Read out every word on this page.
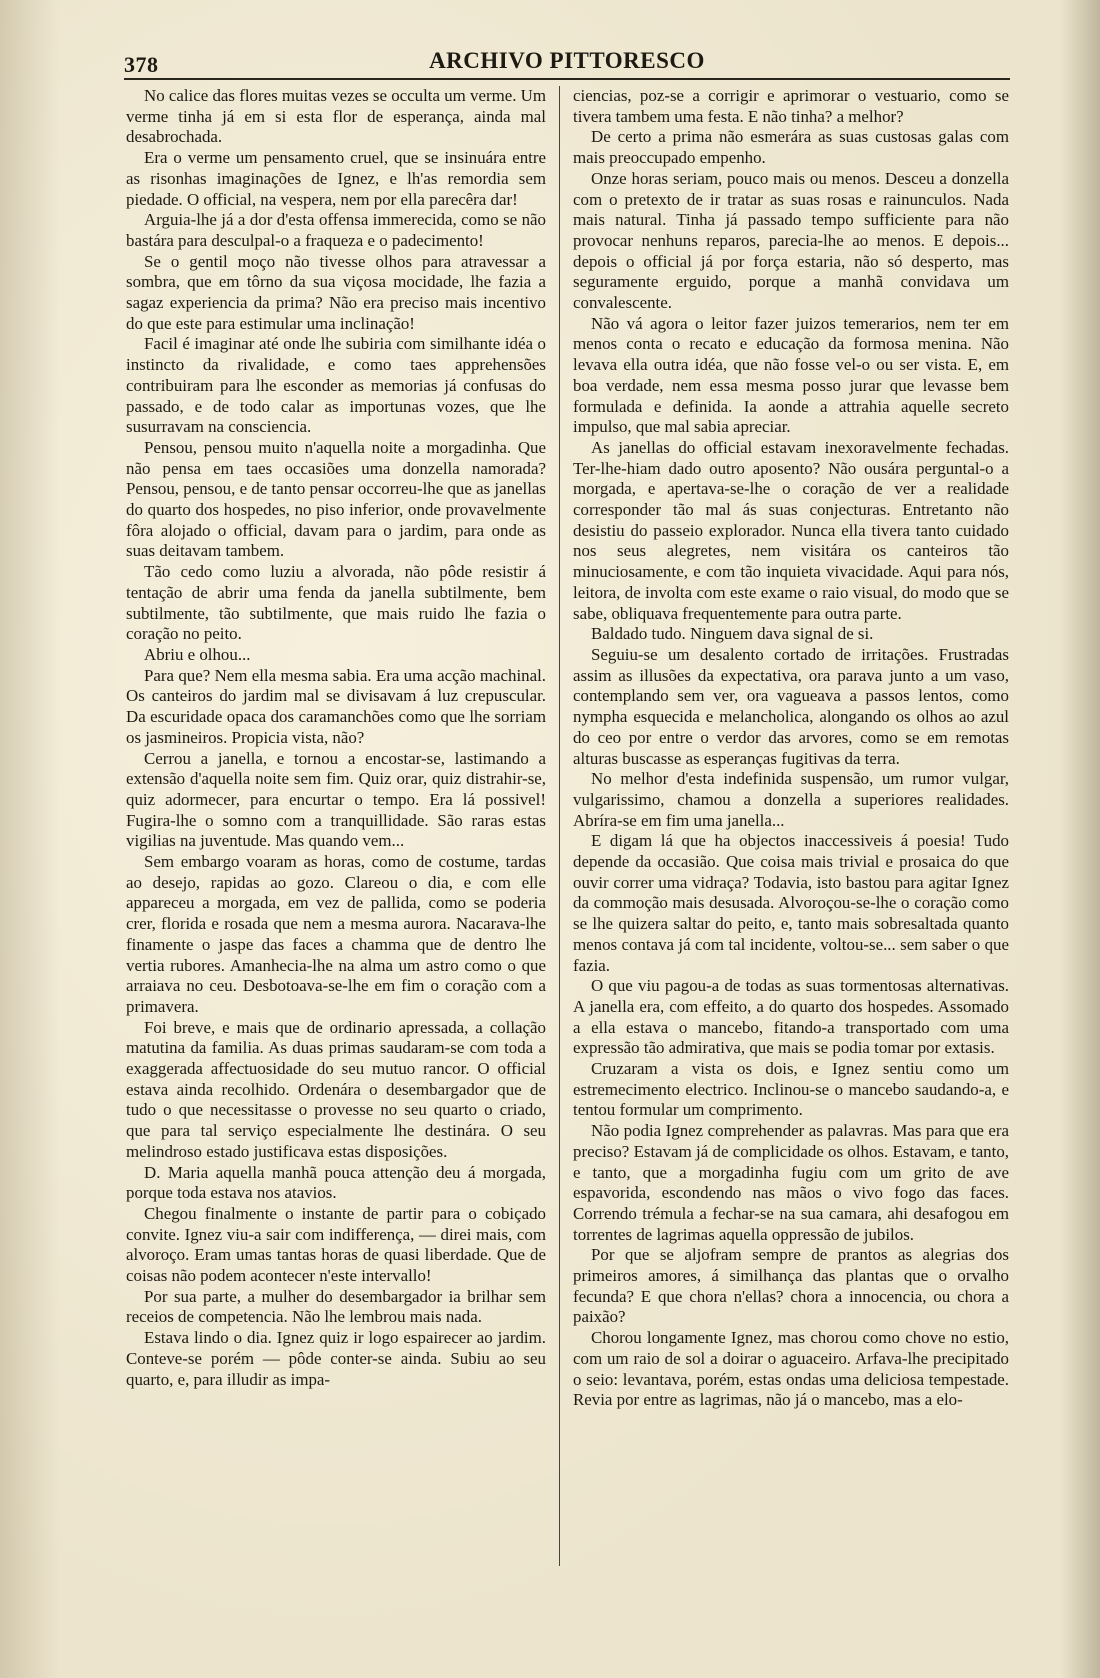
378	ARCHIVO PITTORESCO

No calice das flores muitas vezes se occulta um verme. Um verme tinha já em si esta flor de esperança, ainda mal desabrochada.

Era o verme um pensamento cruel, que se insinuára entre as risonhas imaginações de Ignez, e lh'as remordia sem piedade. O official, na vespera, nem por ella parecêra dar!

Arguia-lhe já a dor d'esta offensa immerecida, como se não bastára para desculpal-o a fraqueza e o padecimento!

Se o gentil moço não tivesse olhos para atravessar a sombra, que em tôrno da sua viçosa mocidade, lhe fazia a sagaz experiencia da prima? Não era preciso mais incentivo do que este para estimular uma inclinação!

Facil é imaginar até onde lhe subiria com similhante idéa o instincto da rivalidade, e como taes apprehensões contribuiram para lhe esconder as memorias já confusas do passado, e de todo calar as importunas vozes, que lhe susurravam na consciencia.

Pensou, pensou muito n'aquella noite a morgadinha. Que não pensa em taes occasiões uma donzella namorada? Pensou, pensou, e de tanto pensar occorreu-lhe que as janellas do quarto dos hospedes, no piso inferior, onde provavelmente fôra alojado o official, davam para o jardim, para onde as suas deitavam tambem.

Tão cedo como luziu a alvorada, não pôde resistir á tentação de abrir uma fenda da janella subtilmente, bem subtilmente, tão subtilmente, que mais ruido lhe fazia o coração no peito.

Abriu e olhou...

Para que? Nem ella mesma sabia. Era uma acção machinal. Os canteiros do jardim mal se divisavam á luz crepuscular. Da escuridade opaca dos caramanchões como que lhe sorriam os jasmineiros. Propicia vista, não?

Cerrou a janella, e tornou a encostar-se, lastimando a extensão d'aquella noite sem fim. Quiz orar, quiz distrahir-se, quiz adormecer, para encurtar o tempo. Era lá possivel! Fugira-lhe o somno com a tranquillidade. São raras estas vigilias na juventude. Mas quando vem...

Sem embargo voaram as horas, como de costume, tardas ao desejo, rapidas ao gozo. Clareou o dia, e com elle appareceu a morgada, em vez de pallida, como se poderia crer, florida e rosada que nem a mesma aurora. Nacarava-lhe finamente o jaspe das faces a chamma que de dentro lhe vertia rubores. Amanhecia-lhe na alma um astro como o que arraiava no ceu. Desbotoava-se-lhe em fim o coração com a primavera.

Foi breve, e mais que de ordinario apressada, a collação matutina da familia. As duas primas saudaram-se com toda a exaggerada affectuosidade do seu mutuo rancor. O official estava ainda recolhido. Ordenára o desembargador que de tudo o que necessitasse o provesse no seu quarto o criado, que para tal serviço especialmente lhe destinára. O seu melindroso estado justificava estas disposições.

D. Maria aquella manhã pouca attenção deu á morgada, porque toda estava nos atavios.

Chegou finalmente o instante de partir para o cobiçado convite. Ignez viu-a sair com indifferença, — direi mais, com alvoroço. Eram umas tantas horas de quasi liberdade. Que de coisas não podem acontecer n'este intervallo!

Por sua parte, a mulher do desembargador ia brilhar sem receios de competencia. Não lhe lembrou mais nada.

Estava lindo o dia. Ignez quiz ir logo espairecer ao jardim. Conteve-se porém — pôde conter-se ainda. Subiu ao seu quarto, e, para illudir as impa-

ciencias, poz-se a corrigir e aprimorar o vestuario, como se tivera tambem uma festa. E não tinha? a melhor?

De certo a prima não esmerára as suas custosas galas com mais preoccupado empenho.

Onze horas seriam, pouco mais ou menos. Desceu a donzella com o pretexto de ir tratar as suas rosas e rainunculos. Nada mais natural. Tinha já passado tempo sufficiente para não provocar nenhuns reparos, parecia-lhe ao menos. E depois... depois o official já por força estaria, não só desperto, mas seguramente erguido, porque a manhã convidava um convalescente.

Não vá agora o leitor fazer juizos temerarios, nem ter em menos conta o recato e educação da formosa menina. Não levava ella outra idéa, que não fosse vel-o ou ser vista. E, em boa verdade, nem essa mesma posso jurar que levasse bem formulada e definida. Ia aonde a attrahia aquelle secreto impulso, que mal sabia apreciar.

As janellas do official estavam inexoravelmente fechadas. Ter-lhe-hiam dado outro aposento? Não ousára perguntal-o a morgada, e apertava-se-lhe o coração de ver a realidade corresponder tão mal ás suas conjecturas. Entretanto não desistiu do passeio explorador. Nunca ella tivera tanto cuidado nos seus alegretes, nem visitára os canteiros tão minuciosamente, e com tão inquieta vivacidade. Aqui para nós, leitora, de involta com este exame o raio visual, do modo que se sabe, obliquava frequentemente para outra parte.

Baldado tudo. Ninguem dava signal de si.

Seguiu-se um desalento cortado de irritações. Frustradas assim as illusões da expectativa, ora parava junto a um vaso, contemplando sem ver, ora vagueava a passos lentos, como nympha esquecida e melancholica, alongando os olhos ao azul do ceo por entre o verdor das arvores, como se em remotas alturas buscasse as esperanças fugitivas da terra.

No melhor d'esta indefinida suspensão, um rumor vulgar, vulgarissimo, chamou a donzella a superiores realidades. Abríra-se em fim uma janella...

E digam lá que ha objectos inaccessiveis á poesia! Tudo depende da occasião. Que coisa mais trivial e prosaica do que ouvir correr uma vidraça? Todavia, isto bastou para agitar Ignez da commoção mais desusada. Alvoroçou-se-lhe o coração como se lhe quizera saltar do peito, e, tanto mais sobresaltada quanto menos contava já com tal incidente, voltou-se... sem saber o que fazia.

O que viu pagou-a de todas as suas tormentosas alternativas. A janella era, com effeito, a do quarto dos hospedes. Assomado a ella estava o mancebo, fitando-a transportado com uma expressão tão admirativa, que mais se podia tomar por extasis.

Cruzaram a vista os dois, e Ignez sentiu como um estremecimento electrico. Inclinou-se o mancebo saudando-a, e tentou formular um comprimento.

Não podia Ignez comprehender as palavras. Mas para que era preciso? Estavam já de complicidade os olhos. Estavam, e tanto, e tanto, que a morgadinha fugiu com um grito de ave espavorida, escondendo nas mãos o vivo fogo das faces. Correndo trémula a fechar-se na sua camara, ahi desafogou em torrentes de lagrimas aquella oppressão de jubilos.

Por que se aljofram sempre de prantos as alegrias dos primeiros amores, á similhança das plantas que o orvalho fecunda? E que chora n'ellas? chora a innocencia, ou chora a paixão?

Chorou longamente Ignez, mas chorou como chove no estio, com um raio de sol a doirar o aguaceiro. Arfava-lhe precipitado o seio: levantava, porém, estas ondas uma deliciosa tempestade. Revia por entre as lagrimas, não já o mancebo, mas a elo-
